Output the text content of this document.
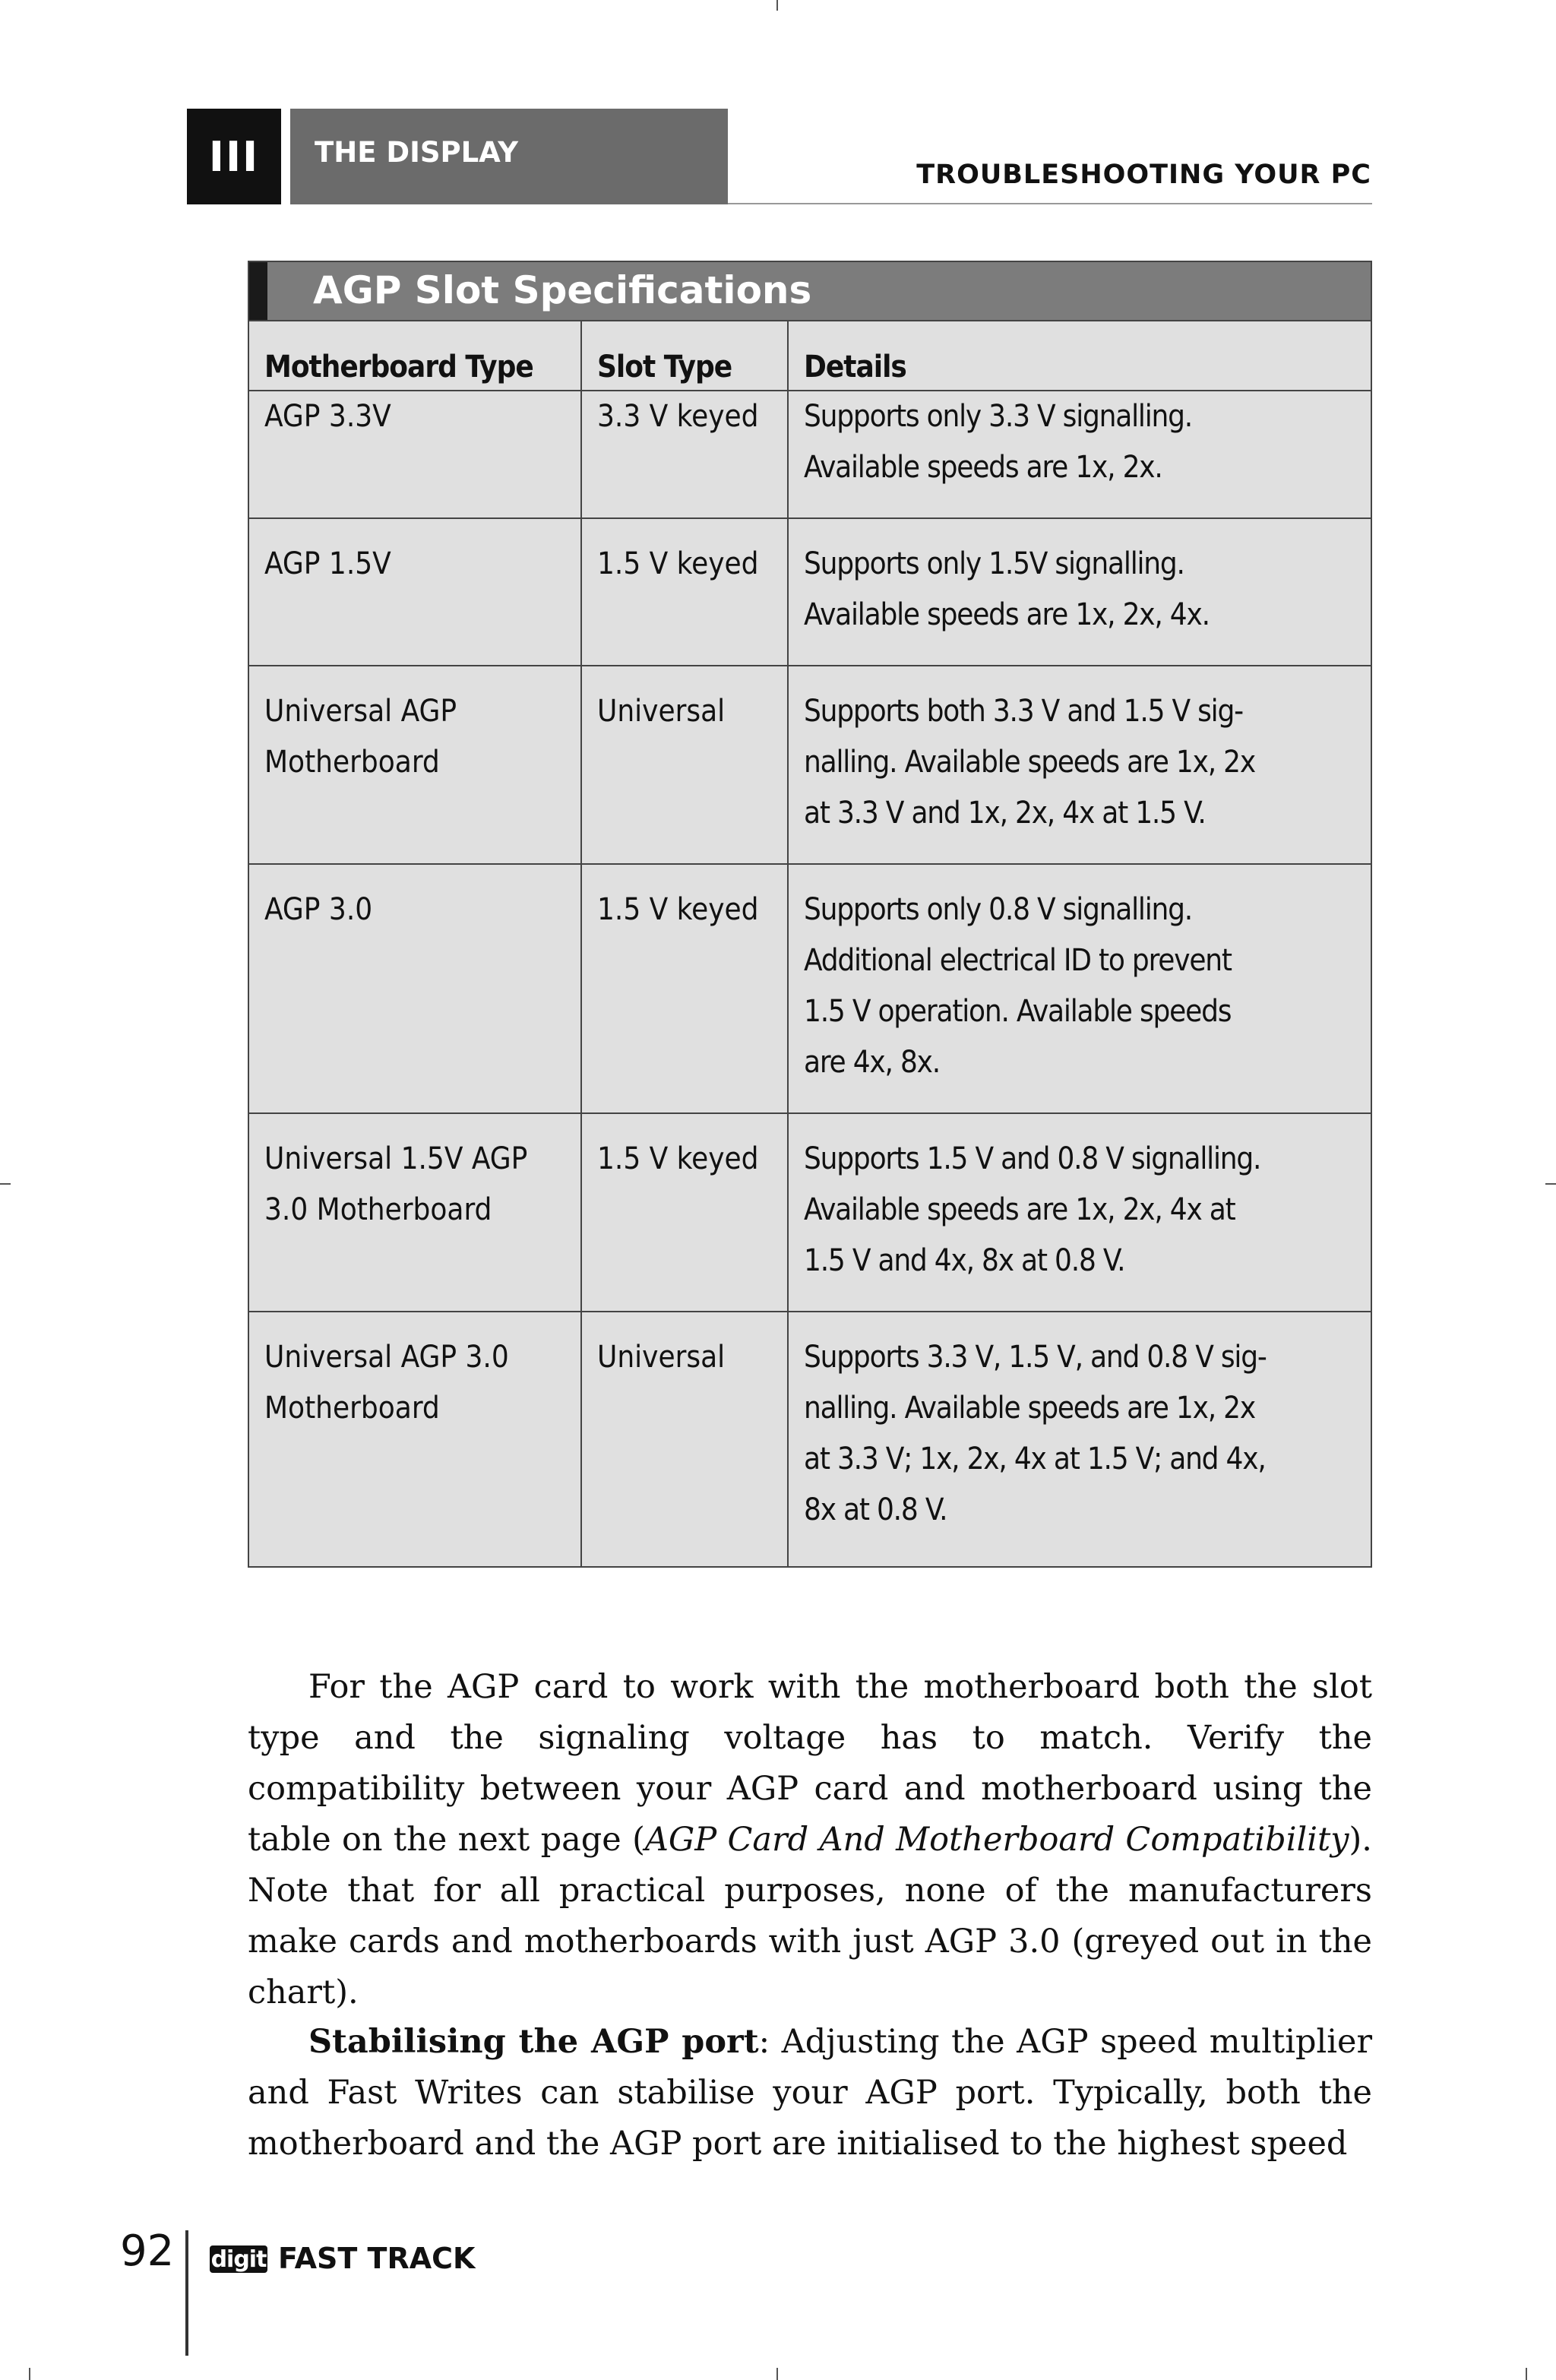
III	THE DISPLAY
TROUBLESHOOTING YOUR PC
AGP Slot Specifications
Motherboard Type	Slot Type	Details
AGP 3.3V	3.3 V keyed	Supports only 3.3 V signalling.
Available speeds are 1x, 2x.

AGP 1.5V	1.5 V keyed	Supports only 1.5V signalling.
Available speeds are 1x, 2x, 4x.

Universal AGP Motherboard	Universal	Supports both 3.3 V and 1.5 V sig-
nalling. Available speeds are 1x, 2x
at 3.3 V and 1x, 2x, 4x at 1.5 V.

AGP 3.0	1.5 V keyed	Supports only 0.8 V signalling.
Additional electrical ID to prevent
1.5 V operation. Available speeds
are 4x, 8x.

Universal 1.5V AGP 3.0 Motherboard	1.5 V keyed	Supports 1.5 V and 0.8 V signalling.
Available speeds are 1x, 2x, 4x at
1.5 V and 4x, 8x at 0.8 V.

Universal AGP 3.0 Motherboard	Universal	Supports 3.3 V, 1.5 V, and 0.8 V sig-
nalling. Available speeds are 1x, 2x
at 3.3 V; 1x, 2x, 4x at 1.5 V; and 4x,
8x at 0.8 V.
For the AGP card to work with the motherboard both the slot type and the signaling voltage has to match. Verify the compatibility between your AGP card and motherboard using the table on the next page (AGP Card And Motherboard Compatibility). Note that for all practical purposes, none of the manufacturers make cards and motherboards with just AGP 3.0 (greyed out in the chart).
Stabilising the AGP port: Adjusting the AGP speed multiplier and Fast Writes can stabilise your AGP port. Typically, both the motherboard and the AGP port are initialised to the highest speed
92 digit FAST TRACK
